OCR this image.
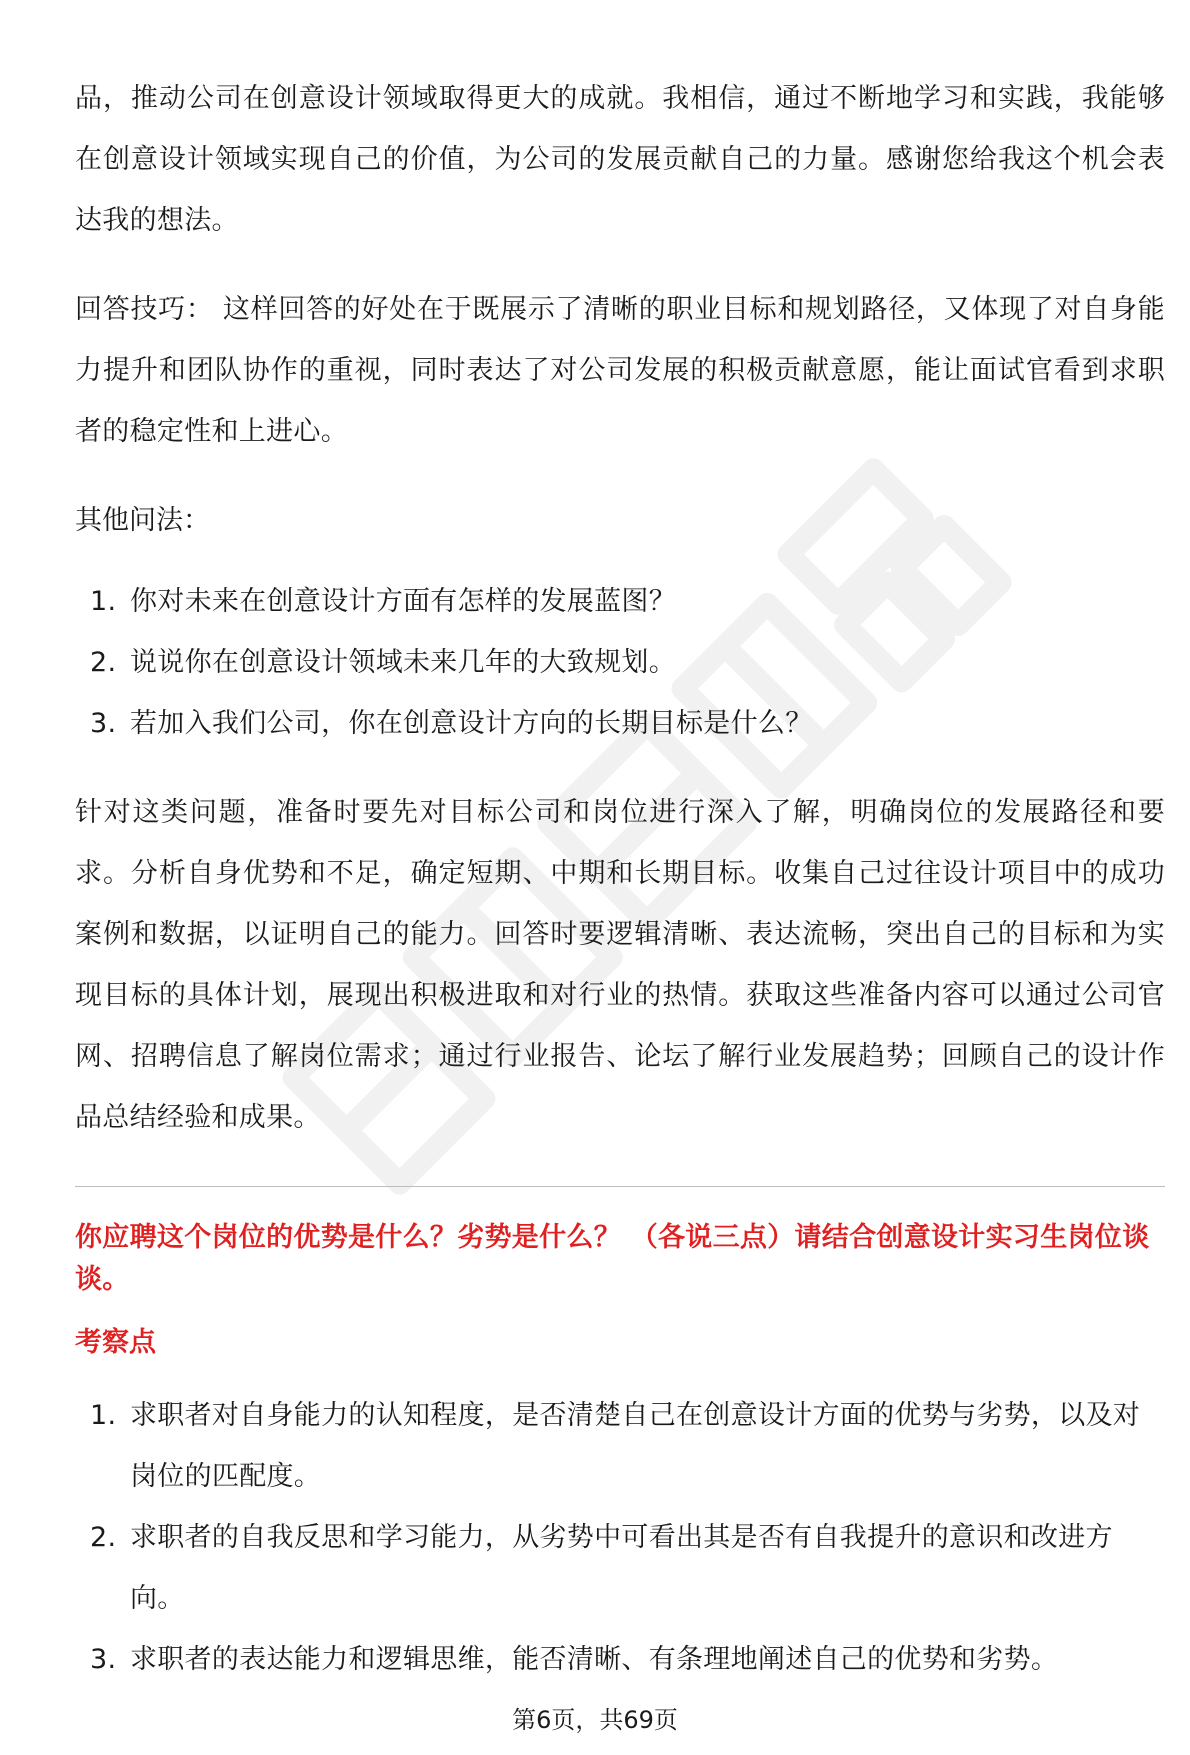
品，推动公司在创意设计领域取得更大的成就。我相信，通过不断地学习和实践，我能够在创意设计领域实现自己的价值，为公司的发展贡献自己的力量。感谢您给我这个机会表达我的想法。

回答技巧： 这样回答的好处在于既展示了清晰的职业目标和规划路径，又体现了对自身能力提升和团队协作的重视，同时表达了对公司发展的积极贡献意愿，能让面试官看到求职者的稳定性和上进心。

其他问法：

1. 你对未来在创意设计方面有怎样的发展蓝图？
2. 说说你在创意设计领域未来几年的大致规划。
3. 若加入我们公司，你在创意设计方向的长期目标是什么？

针对这类问题，准备时要先对目标公司和岗位进行深入了解，明确岗位的发展路径和要求。分析自身优势和不足，确定短期、中期和长期目标。收集自己过往设计项目中的成功案例和数据，以证明自己的能力。回答时要逻辑清晰、表达流畅，突出自己的目标和为实现目标的具体计划，展现出积极进取和对行业的热情。获取这些准备内容可以通过公司官网、招聘信息了解岗位需求；通过行业报告、论坛了解行业发展趋势；回顾自己的设计作品总结经验和成果。

你应聘这个岗位的优势是什么？劣势是什么？ （各说三点）请结合创意设计实习生岗位谈谈。

考察点

1. 求职者对自身能力的认知程度，是否清楚自己在创意设计方面的优势与劣势，以及对岗位的匹配度。
2. 求职者的自我反思和学习能力，从劣势中可看出其是否有自我提升的意识和改进方向。
3. 求职者的表达能力和逻辑思维，能否清晰、有条理地阐述自己的优势和劣势。
第6页，共69页
